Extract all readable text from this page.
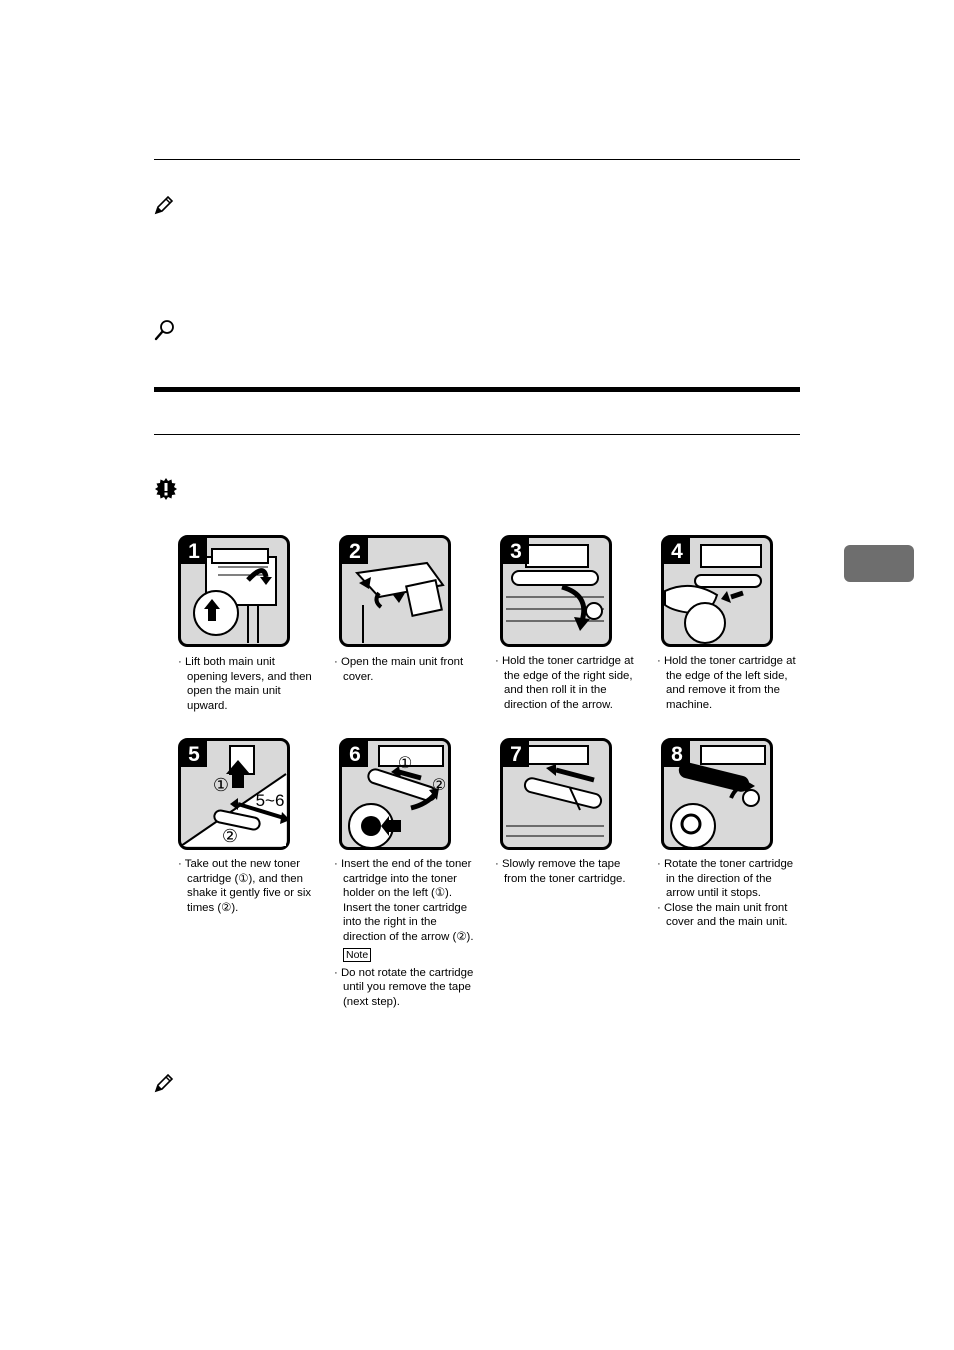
1	2	3	4
①
5~6
②
5	①
②
6	7	8

· Lift both main unit opening levers, and then open the main unit upward.

· Open the main unit front cover.

· Hold the toner cartridge at the edge of the right side, and then roll it in the direction of the arrow.

· Hold the toner cartridge at the edge of the left side, and remove it from the machine.

· Take out the new toner cartridge (①), and then shake it gently five or six times (②).

· Insert the end of the toner cartridge into the toner holder on the left (①). Insert the toner cartridge into the right in the direction of the arrow (②).

Note

· Do not rotate the cartridge until you remove the tape (next step).

· Slowly remove the tape from the toner cartridge.

· Rotate the toner cartridge in the direction of the arrow until it stops.

· Close the main unit front cover and the main unit.
